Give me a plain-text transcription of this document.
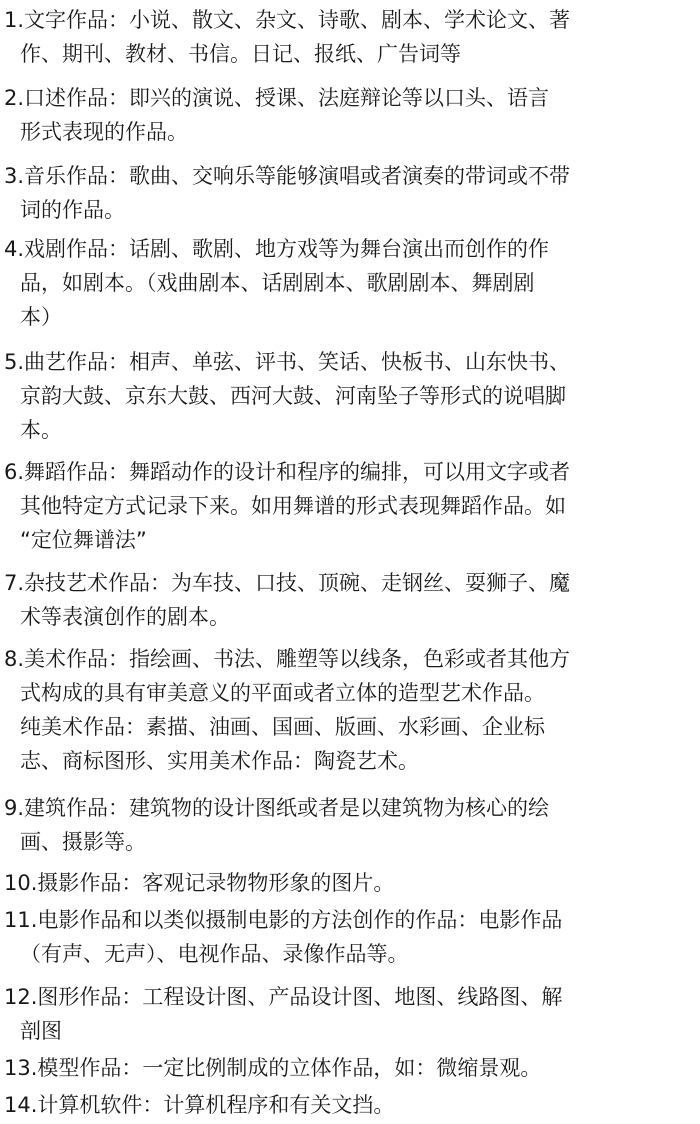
1.文字作品：小说、散文、杂文、诗歌、剧本、学术论文、著
作、期刊、教材、书信。日记、报纸、广告词等
2.口述作品：即兴的演说、授课、法庭辩论等以口头、语言
形式表现的作品。
3.音乐作品：歌曲、交响乐等能够演唱或者演奏的带词或不带
词的作品。
4.戏剧作品：话剧、歌剧、地方戏等为舞台演出而创作的作
品，如剧本。（戏曲剧本、话剧剧本、歌剧剧本、舞剧剧
本）
5.曲艺作品：相声、单弦、评书、笑话、快板书、山东快书、
京韵大鼓、京东大鼓、西河大鼓、河南坠子等形式的说唱脚
本。
6.舞蹈作品：舞蹈动作的设计和程序的编排，可以用文字或者
其他特定方式记录下来。如用舞谱的形式表现舞蹈作品。如
“定位舞谱法”
7.杂技艺术作品：为车技、口技、顶碗、走钢丝、耍狮子、魔
术等表演创作的剧本。
8.美术作品：指绘画、书法、雕塑等以线条，色彩或者其他方
式构成的具有审美意义的平面或者立体的造型艺术作品。
纯美术作品：素描、油画、国画、版画、水彩画、企业标
志、商标图形、实用美术作品：陶瓷艺术。
9.建筑作品：建筑物的设计图纸或者是以建筑物为核心的绘
画、摄影等。
10.摄影作品：客观记录物物形象的图片。
11.电影作品和以类似摄制电影的方法创作的作品：电影作品
（有声、无声）、电视作品、录像作品等。
12.图形作品：工程设计图、产品设计图、地图、线路图、解
剖图
13.模型作品：一定比例制成的立体作品，如：微缩景观。
14.计算机软件：计算机程序和有关文挡。
